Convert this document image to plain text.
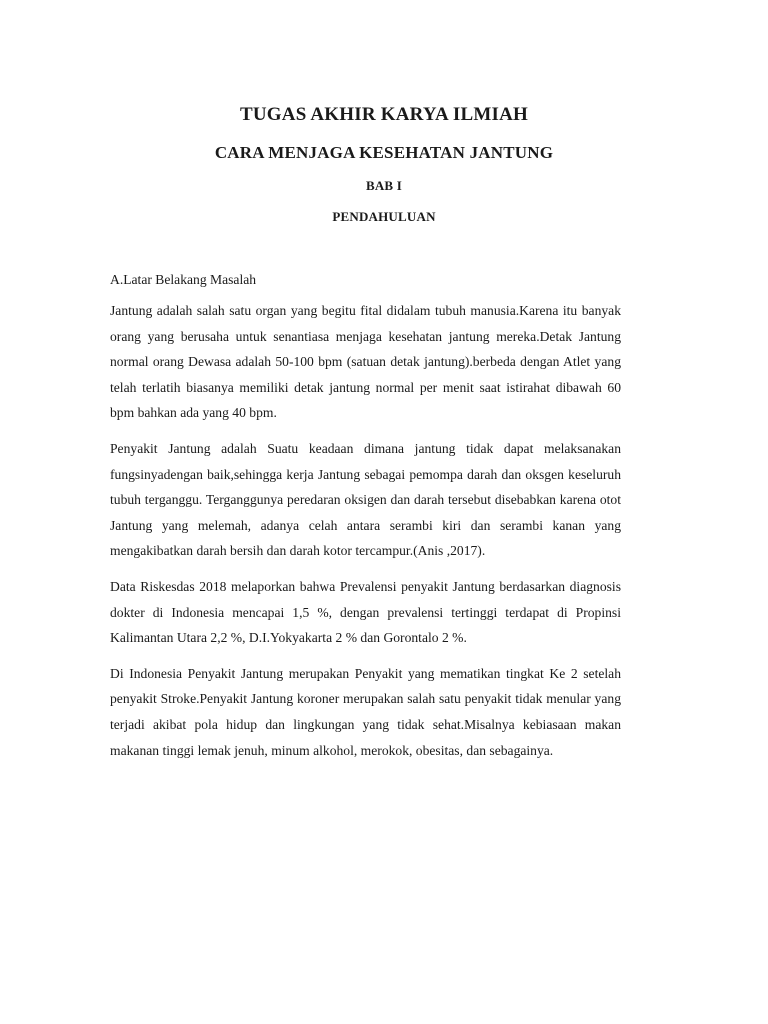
TUGAS AKHIR KARYA ILMIAH
CARA MENJAGA KESEHATAN JANTUNG
BAB I
PENDAHULUAN

A.Latar Belakang Masalah

Jantung adalah salah satu organ yang begitu fital didalam tubuh manusia.Karena itu banyak orang yang berusaha untuk senantiasa menjaga kesehatan jantung mereka.Detak Jantung normal orang Dewasa adalah 50-100 bpm (satuan detak jantung).berbeda dengan Atlet yang telah terlatih biasanya memiliki detak jantung normal per menit saat istirahat dibawah 60 bpm bahkan ada yang 40 bpm.

Penyakit Jantung adalah Suatu keadaan dimana jantung tidak dapat melaksanakan fungsinyadengan baik,sehingga kerja Jantung sebagai pemompa darah dan oksgen keseluruh tubuh terganggu. Terganggunya peredaran oksigen dan darah tersebut disebabkan karena otot Jantung yang melemah, adanya celah antara serambi kiri dan serambi kanan yang mengakibatkan darah bersih dan darah kotor tercampur.(Anis ,2017).

Data Riskesdas 2018 melaporkan bahwa Prevalensi penyakit Jantung berdasarkan diagnosis dokter di Indonesia mencapai 1,5 %, dengan prevalensi tertinggi terdapat di Propinsi Kalimantan Utara 2,2 %, D.I.Yokyakarta 2 % dan Gorontalo 2 %.

Di Indonesia Penyakit Jantung merupakan Penyakit yang mematikan tingkat Ke 2 setelah penyakit Stroke.Penyakit Jantung koroner merupakan salah satu penyakit tidak menular yang terjadi akibat pola hidup dan lingkungan yang tidak sehat.Misalnya kebiasaan makan makanan tinggi lemak jenuh, minum alkohol, merokok, obesitas, dan sebagainya.
